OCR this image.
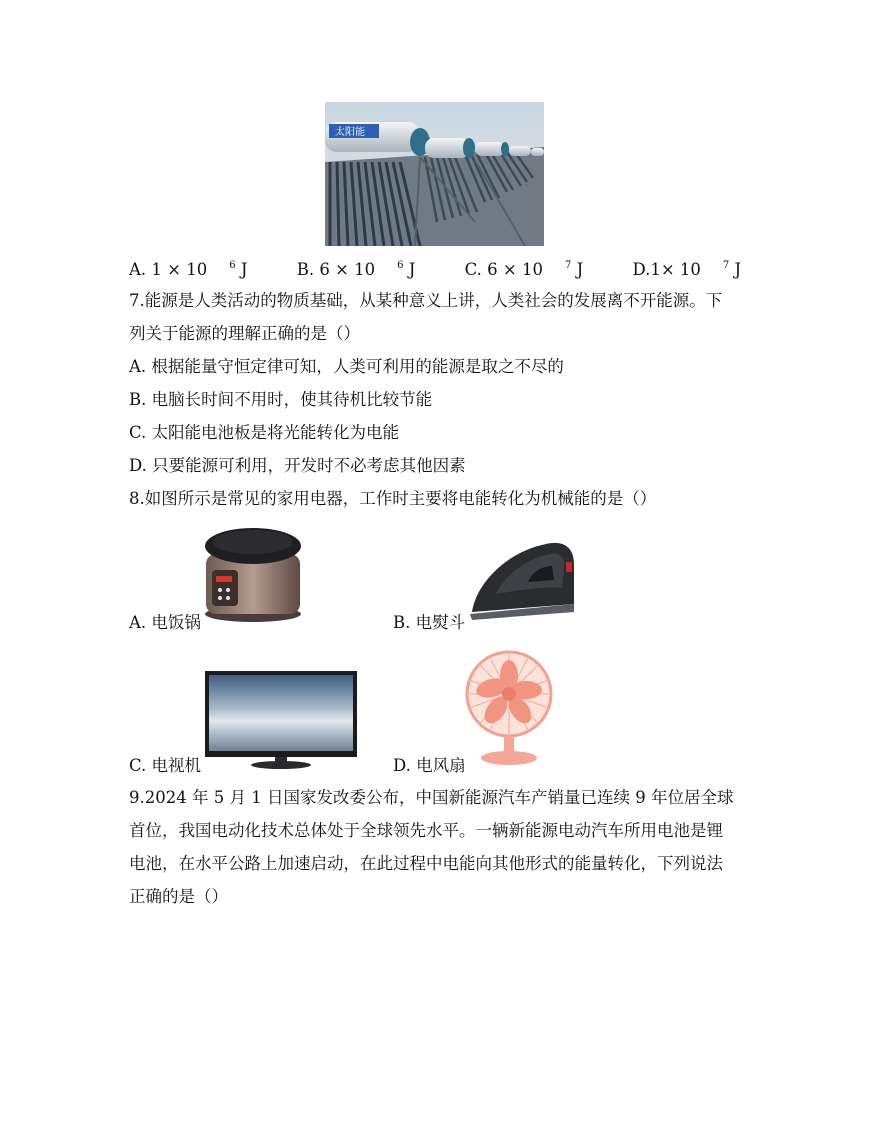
太阳能
A. 1 × 10 $^6$ J	B. 6 × 10 $^6$ J	C. 6 × 10 $^7$ J	D.1× 10 $^7$ J
7.能源是人类活动的物质基础，从某种意义上讲，人类社会的发展离不开能源。下
列关于能源的理解正确的是（）
A. 根据能量守恒定律可知，人类可利用的能源是取之不尽的
B. 电脑长时间不用时，使其待机比较节能
C. 太阳能电池板是将光能转化为电能
D. 只要能源可利用，开发时不必考虑其他因素
8.如图所示是常见的家用电器，工作时主要将电能转化为机械能的是（）
A. 电饭锅	B. 电熨斗
C. 电视机	D. 电风扇
9.2024 年 5 月 1 日国家发改委公布，中国新能源汽车产销量已连续 9 年位居全球
首位，我国电动化技术总体处于全球领先水平。一辆新能源电动汽车所用电池是锂
电池，在水平公路上加速启动，在此过程中电能向其他形式的能量转化，下列说法
正确的是（）
